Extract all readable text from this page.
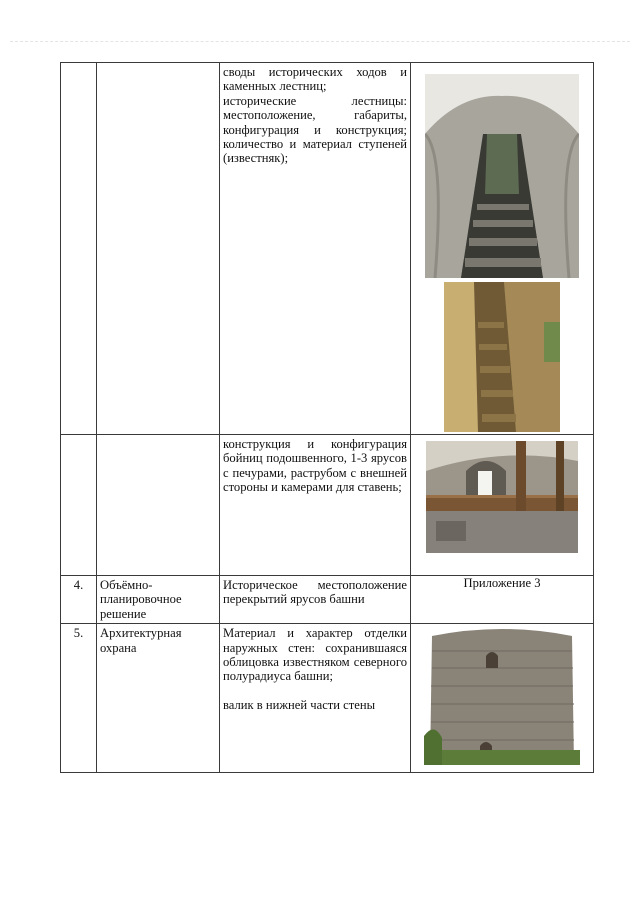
		своды исторических ходов и каменных лестниц;
исторические лестницы: местоположение, габариты, конфигурация и конструкция; количество и материал ступеней (известняк);

		конструкция и конфигурация бойниц подошвенного, 1-3 ярусов с печурами, раструбом с внешней стороны и камерами для ставень;

4.	Объёмно-планировочное решение	Историческое местоположение перекрытий ярусов башни	Приложение 3
5.	Архитектурная охрана	Материал и характер отделки наружных стен: сохранившаяся облицовка известняком северного полурадиуса башни;
валик в нижней части стены
